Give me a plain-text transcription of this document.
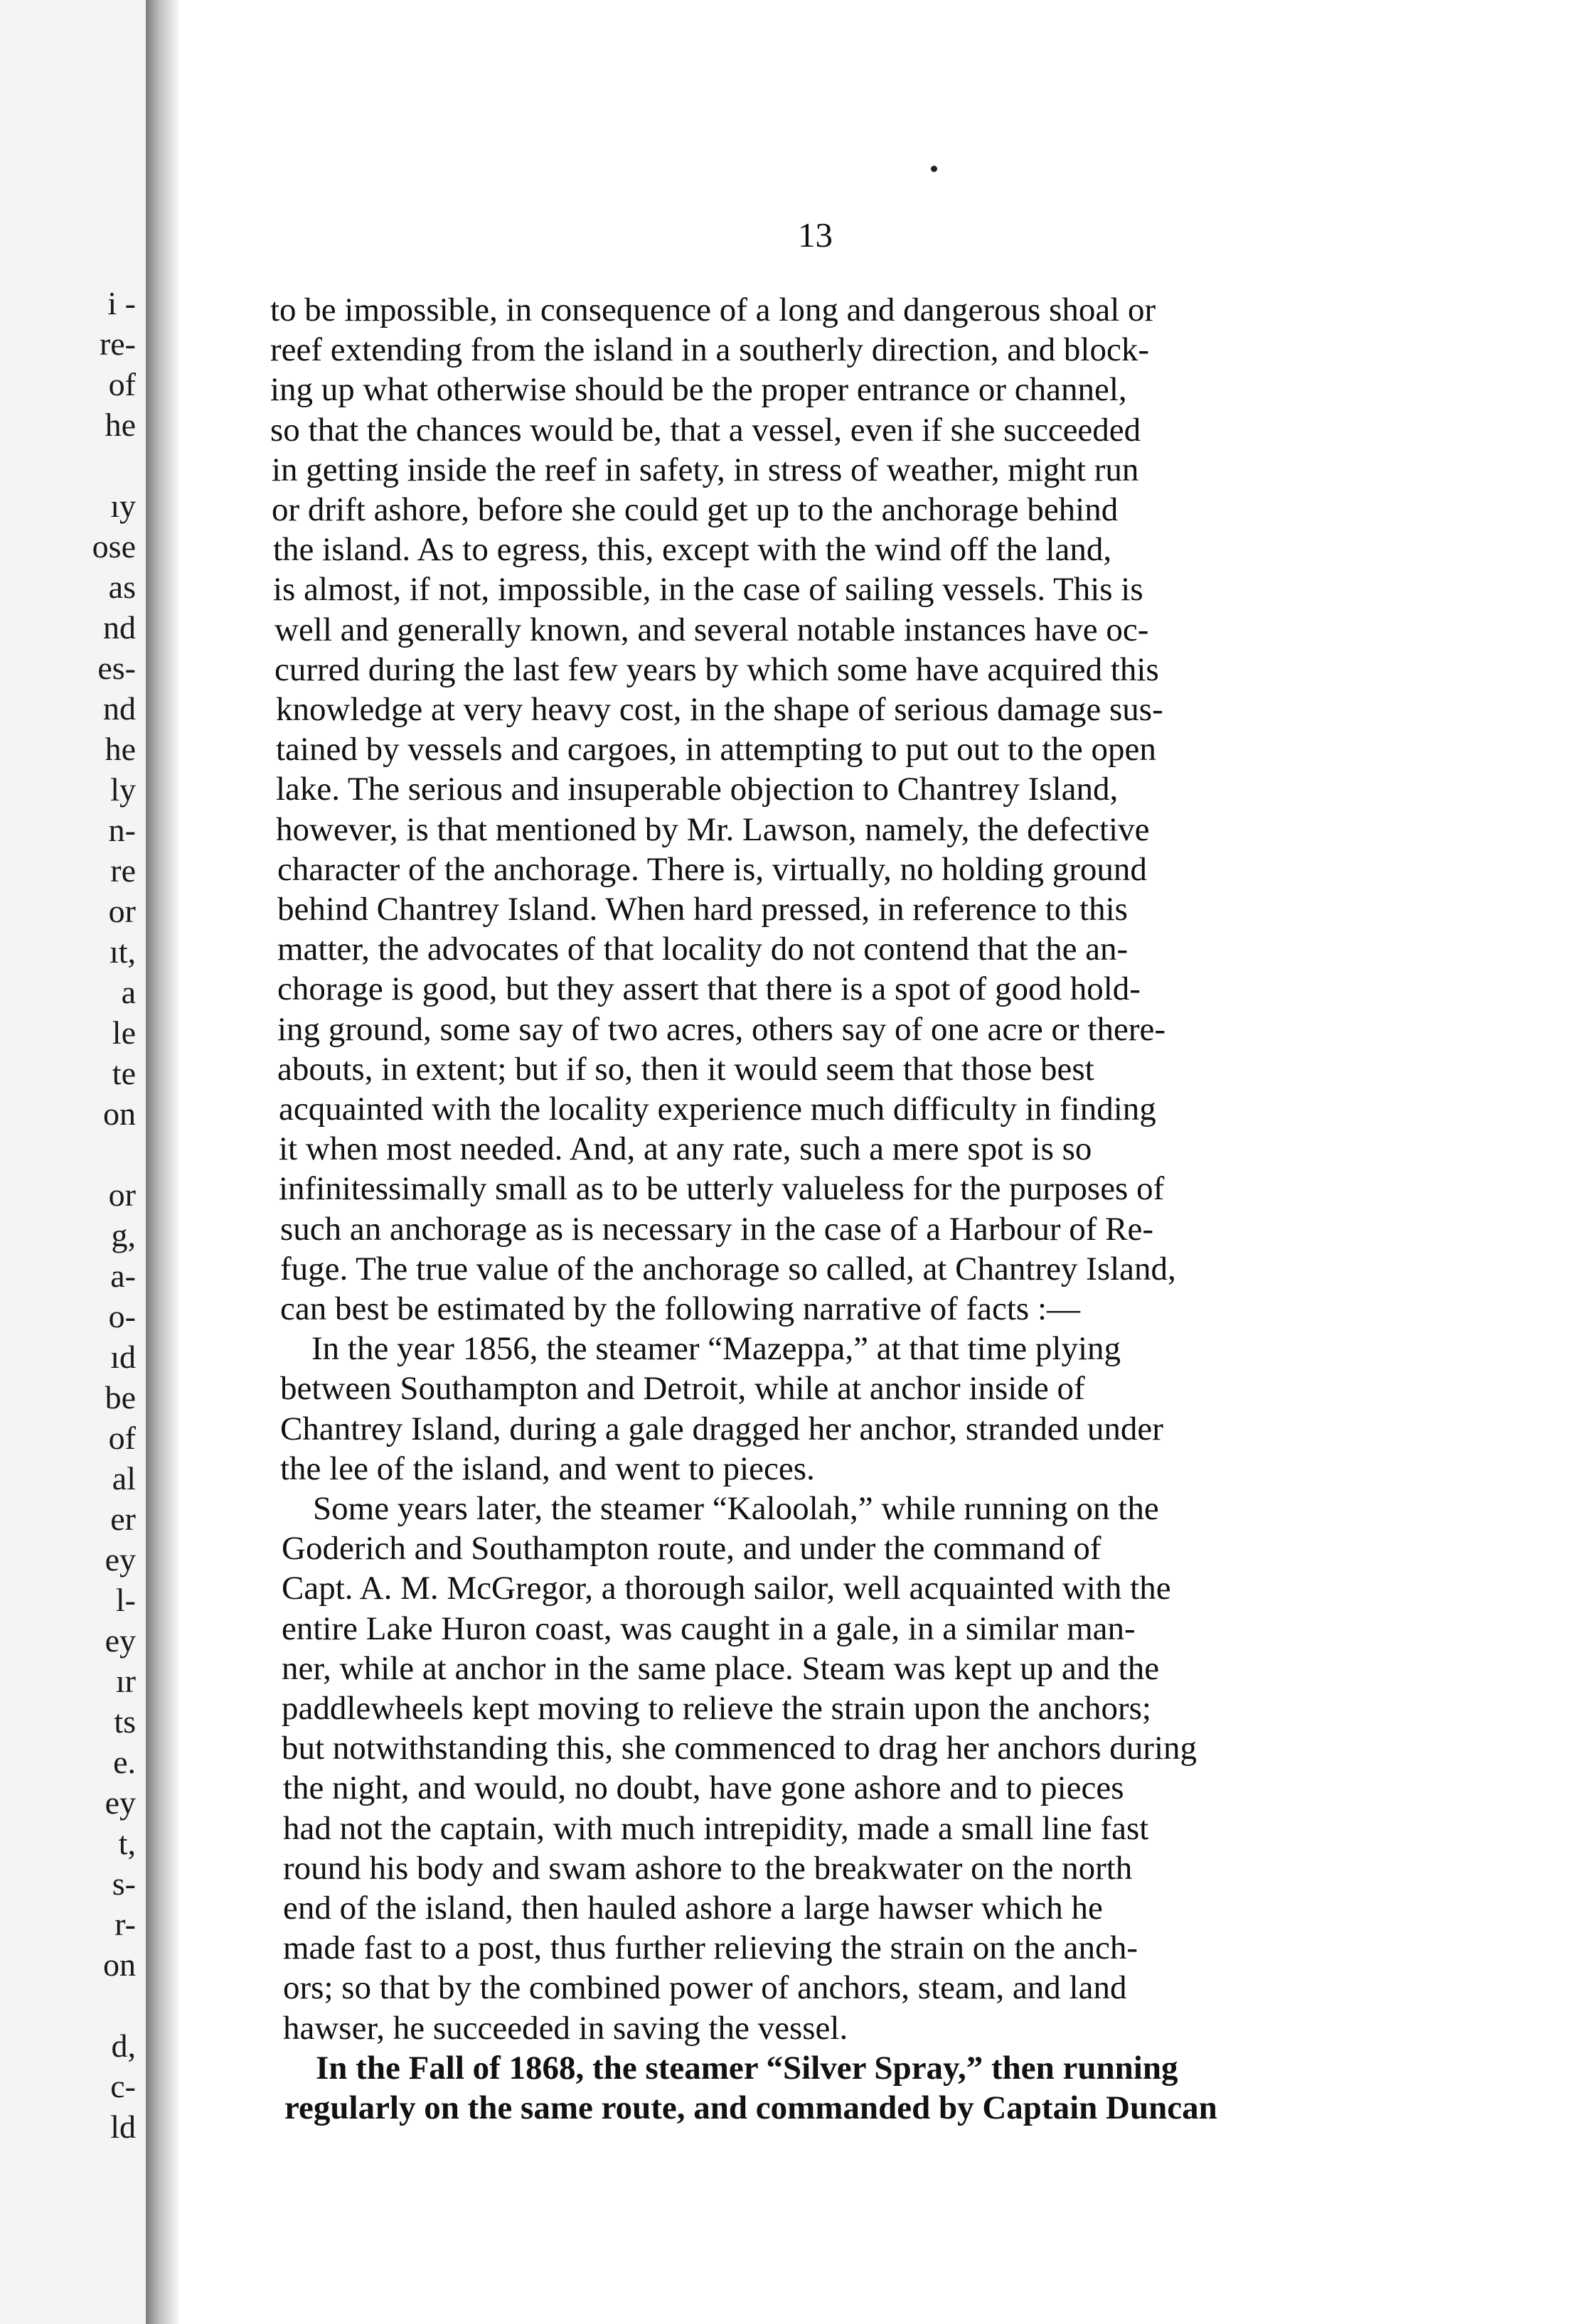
i -
re-
of
he
ıy
ose
as
nd
es-
nd
he
ly
n-
re
or
ıt,
a
le
te
on
or
g,
a-
o-
ıd
be
of
al
er
ey
l-
ey
ır
ts
e.
ey
t,
s-
r-
on
d,
c-
ld
13
to be impossible, in consequence of a long and dangerous shoal or
reef extending from the island in a southerly direction, and block-
ing up what otherwise should be the proper entrance or channel,
so that the chances would be, that a vessel, even if she succeeded
in getting inside the reef in safety, in stress of weather, might run
or drift ashore, before she could get up to the anchorage behind
the island. As to egress, this, except with the wind off the land,
is almost, if not, impossible, in the case of sailing vessels. This is
well and generally known, and several notable instances have oc-
curred during the last few years by which some have acquired this
knowledge at very heavy cost, in the shape of serious damage sus-
tained by vessels and cargoes, in attempting to put out to the open
lake. The serious and insuperable objection to Chantrey Island,
however, is that mentioned by Mr. Lawson, namely, the defective
character of the anchorage. There is, virtually, no holding ground
behind Chantrey Island. When hard pressed, in reference to this
matter, the advocates of that locality do not contend that the an-
chorage is good, but they assert that there is a spot of good hold-
ing ground, some say of two acres, others say of one acre or there-
abouts, in extent; but if so, then it would seem that those best
acquainted with the locality experience much difficulty in finding
it when most needed. And, at any rate, such a mere spot is so
infinitessimally small as to be utterly valueless for the purposes of
such an anchorage as is necessary in the case of a Harbour of Re-
fuge. The true value of the anchorage so called, at Chantrey Island,
can best be estimated by the following narrative of facts :—
In the year 1856, the steamer “Mazeppa,” at that time plying
between Southampton and Detroit, while at anchor inside of
Chantrey Island, during a gale dragged her anchor, stranded under
the lee of the island, and went to pieces.
Some years later, the steamer “Kaloolah,” while running on the
Goderich and Southampton route, and under the command of
Capt. A. M. McGregor, a thorough sailor, well acquainted with the
entire Lake Huron coast, was caught in a gale, in a similar man-
ner, while at anchor in the same place. Steam was kept up and the
paddlewheels kept moving to relieve the strain upon the anchors;
but notwithstanding this, she commenced to drag her anchors during
the night, and would, no doubt, have gone ashore and to pieces
had not the captain, with much intrepidity, made a small line fast
round his body and swam ashore to the breakwater on the north
end of the island, then hauled ashore a large hawser which he
made fast to a post, thus further relieving the strain on the anch-
ors; so that by the combined power of anchors, steam, and land
hawser, he succeeded in saving the vessel.
In the Fall of 1868, the steamer “Silver Spray,” then running
regularly on the same route, and commanded by Captain Duncan
